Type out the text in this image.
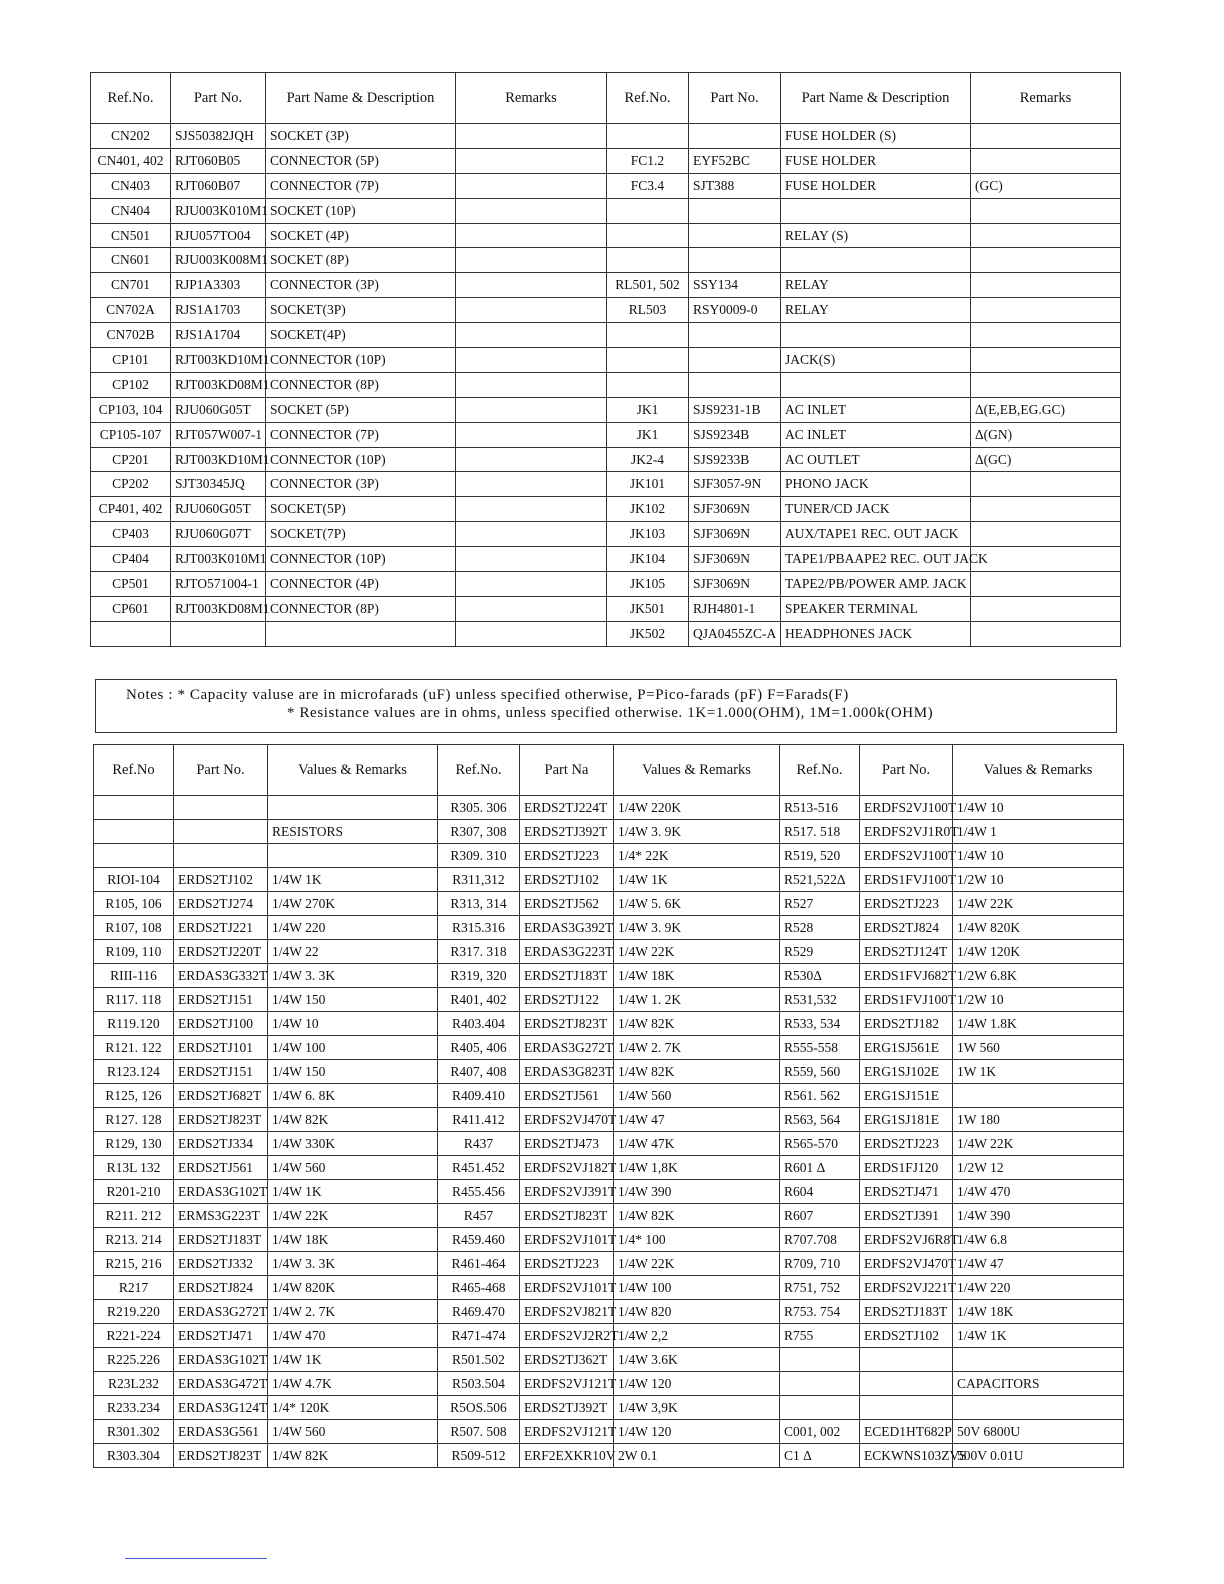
Ref.No.	Part No.	Part Name & Description	Remarks	Ref.No.	Part No.	Part Name & Description	Remarks
CN202	SJS50382JQH	SOCKET (3P)				FUSE HOLDER (S)	
CN401, 402	RJT060B05	CONNECTOR (5P)		FC1.2	EYF52BC	FUSE HOLDER	
CN403	RJT060B07	CONNECTOR (7P)		FC3.4	SJT388	FUSE HOLDER	(GC)
CN404	RJU003K010M1	SOCKET (10P)					
CN501	RJU057TO04	SOCKET (4P)				RELAY (S)	
CN601	RJU003K008M1	SOCKET (8P)					
CN701	RJP1A3303	CONNECTOR (3P)		RL501, 502	SSY134	RELAY	
CN702A	RJS1A1703	SOCKET(3P)		RL503	RSY0009-0	RELAY	
CN702B	RJS1A1704	SOCKET(4P)					
CP101	RJT003KD10M1	CONNECTOR (10P)				JACK(S)	
CP102	RJT003KD08M1	CONNECTOR (8P)					
CP103, 104	RJU060G05T	SOCKET (5P)		JK1	SJS9231-1B	AC INLET	Δ(E,EB,EG.GC)
CP105-107	RJT057W007-1	CONNECTOR (7P)		JK1	SJS9234B	AC INLET	Δ(GN)
CP201	RJT003KD10M1	CONNECTOR (10P)		JK2-4	SJS9233B	AC OUTLET	Δ(GC)
CP202	SJT30345JQ	CONNECTOR (3P)		JK101	SJF3057-9N	PHONO JACK	
CP401, 402	RJU060G05T	SOCKET(5P)		JK102	SJF3069N	TUNER/CD JACK	
CP403	RJU060G07T	SOCKET(7P)		JK103	SJF3069N	AUX/TAPE1 REC. OUT JACK	
CP404	RJT003K010M1	CONNECTOR (10P)		JK104	SJF3069N	TAPE1/PBAAPE2 REC. OUT JACK	
CP501	RJTO571004-1	CONNECTOR (4P)		JK105	SJF3069N	TAPE2/PB/POWER AMP. JACK	
CP601	RJT003KD08M1	CONNECTOR (8P)		JK501	RJH4801-1	SPEAKER TERMINAL	
				JK502	QJA0455ZC-A	HEADPHONES JACK	
Notes : * Capacity valuse are in microfarads (uF) unless specified otherwise, P=Pico-farads (pF) F=Farads(F)
* Resistance values are in ohms, unless specified otherwise. 1K=1.000(OHM), 1M=1.000k(OHM)
Ref.No	Part No.	Values & Remarks	Ref.No.	Part Na	Values & Remarks	Ref.No.	Part No.	Values & Remarks
			R305. 306	ERDS2TJ224T	1/4W 220K	R513-516	ERDFS2VJ100T	1/4W 10
		RESISTORS	R307, 308	ERDS2TJ392T	1/4W 3. 9K	R517. 518	ERDFS2VJ1R0T	1/4W 1
			R309. 310	ERDS2TJ223	1/4* 22K	R519, 520	ERDFS2VJ100T	1/4W 10
RIOI-104	ERDS2TJ102	1/4W 1K	R311,312	ERDS2TJ102	1/4W 1K	R521,522Δ	ERDS1FVJ100T	1/2W 10
R105, 106	ERDS2TJ274	1/4W 270K	R313, 314	ERDS2TJ562	1/4W 5. 6K	R527	ERDS2TJ223	1/4W 22K
R107, 108	ERDS2TJ221	1/4W 220	R315.316	ERDAS3G392T	1/4W 3. 9K	R528	ERDS2TJ824	1/4W 820K
R109, 110	ERDS2TJ220T	1/4W 22	R317. 318	ERDAS3G223T	1/4W 22K	R529	ERDS2TJ124T	1/4W 120K
RIII-116	ERDAS3G332T	1/4W 3. 3K	R319, 320	ERDS2TJ183T	1/4W 18K	R530Δ	ERDS1FVJ682T	1/2W 6.8K
R117. 118	ERDS2TJ151	1/4W 150	R401, 402	ERDS2TJ122	1/4W 1. 2K	R531,532	ERDS1FVJ100T	1/2W 10
R119.120	ERDS2TJ100	1/4W 10	R403.404	ERDS2TJ823T	1/4W 82K	R533, 534	ERDS2TJ182	1/4W 1.8K
R121. 122	ERDS2TJ101	1/4W 100	R405, 406	ERDAS3G272T	1/4W 2. 7K	R555-558	ERG1SJ561E	1W 560
R123.124	ERDS2TJ151	1/4W 150	R407, 408	ERDAS3G823T	1/4W 82K	R559, 560	ERG1SJ102E	1W 1K
R125, 126	ERDS2TJ682T	1/4W 6. 8K	R409.410	ERDS2TJ561	1/4W 560	R561. 562	ERG1SJ151E	
R127. 128	ERDS2TJ823T	1/4W 82K	R411.412	ERDFS2VJ470T	1/4W 47	R563, 564	ERG1SJ181E	1W 180
R129, 130	ERDS2TJ334	1/4W 330K	R437	ERDS2TJ473	1/4W 47K	R565-570	ERDS2TJ223	1/4W 22K
R13L 132	ERDS2TJ561	1/4W 560	R451.452	ERDFS2VJ182T	1/4W 1,8K	R601 Δ	ERDS1FJ120	1/2W 12
R201-210	ERDAS3G102T	1/4W 1K	R455.456	ERDFS2VJ391T	1/4W 390	R604	ERDS2TJ471	1/4W 470
R211. 212	ERMS3G223T	1/4W 22K	R457	ERDS2TJ823T	1/4W 82K	R607	ERDS2TJ391	1/4W 390
R213. 214	ERDS2TJ183T	1/4W 18K	R459.460	ERDFS2VJ101T	1/4* 100	R707.708	ERDFS2VJ6R8T	1/4W 6.8
R215, 216	ERDS2TJ332	1/4W 3. 3K	R461-464	ERDS2TJ223	1/4W 22K	R709, 710	ERDFS2VJ470T	1/4W 47
R217	ERDS2TJ824	1/4W 820K	R465-468	ERDFS2VJ101T	1/4W 100	R751, 752	ERDFS2VJ221T	1/4W 220
R219.220	ERDAS3G272T	1/4W 2. 7K	R469.470	ERDFS2VJ821T	1/4W 820	R753. 754	ERDS2TJ183T	1/4W 18K
R221-224	ERDS2TJ471	1/4W 470	R471-474	ERDFS2VJ2R2T	1/4W 2,2	R755	ERDS2TJ102	1/4W 1K
R225.226	ERDAS3G102T	1/4W 1K	R501.502	ERDS2TJ362T	1/4W 3.6K			
R23L232	ERDAS3G472T	1/4W 4.7K	R503.504	ERDFS2VJ121T	1/4W 120			CAPACITORS
R233.234	ERDAS3G124T	1/4* 120K	R5OS.506	ERDS2TJ392T	1/4W 3,9K			
R301.302	ERDAS3G561	1/4W 560	R507. 508	ERDFS2VJ121T	1/4W 120	C001, 002	ECED1HT682P	50V 6800U
R303.304	ERDS2TJ823T	1/4W 82K	R509-512	ERF2EXKR10V	2W 0.1	C1 Δ	ECKWNS103ZVS	500V 0.01U
